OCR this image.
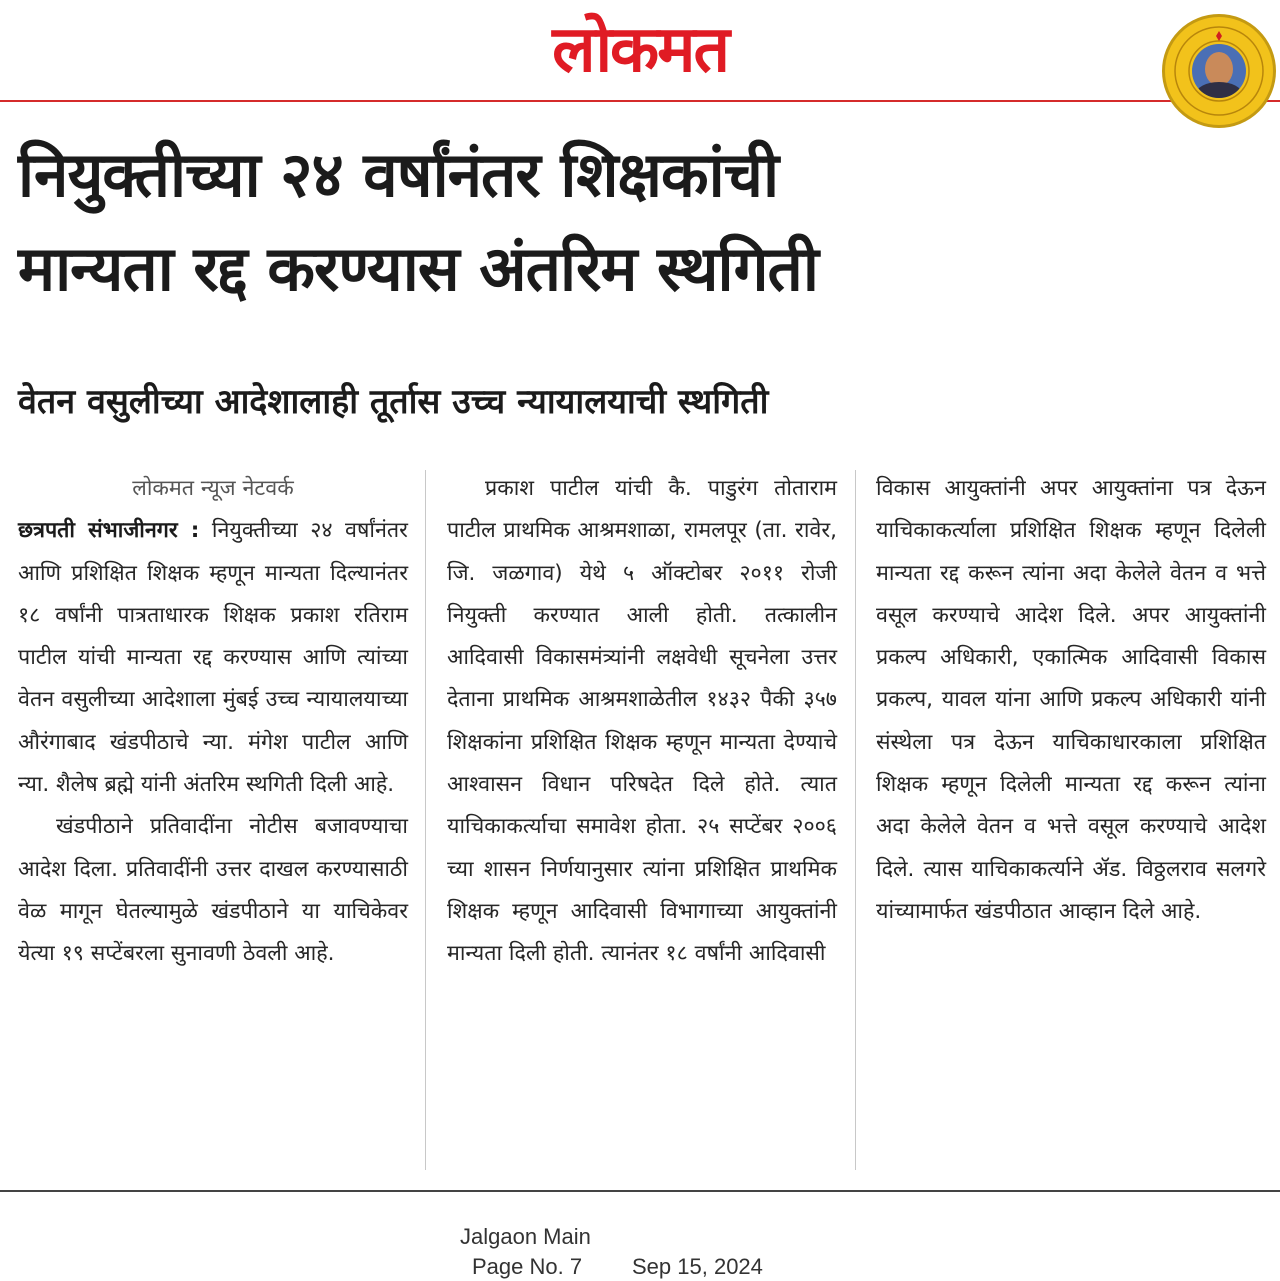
लोकमत
नियुक्तीच्या २४ वर्षांनंतर शिक्षकांची
मान्यता रद्द करण्यास अंतरिम स्थगिती
वेतन वसुलीच्या आदेशालाही तूर्तास उच्च न्यायालयाची स्थगिती
लोकमत न्यूज नेटवर्क

छत्रपती संभाजीनगर : नियुक्तीच्या २४ वर्षांनंतर आणि प्रशिक्षित शिक्षक म्हणून मान्यता दिल्यानंतर १८ वर्षांनी पात्रताधारक शिक्षक प्रकाश रतिराम पाटील यांची मान्यता रद्द करण्यास आणि त्यांच्या वेतन वसुलीच्या आदेशाला मुंबई उच्च न्यायालयाच्या औरंगाबाद खंडपीठाचे न्या. मंगेश पाटील आणि न्या. शैलेष ब्रह्मे यांनी अंतरिम स्थगिती दिली आहे.

खंडपीठाने प्रतिवादींना नोटीस बजावण्याचा आदेश दिला. प्रतिवादींनी उत्तर दाखल करण्यासाठी वेळ मागून घेतल्यामुळे खंडपीठाने या याचिकेवर येत्या १९ सप्टेंबरला सुनावणी ठेवली आहे.

प्रकाश पाटील यांची कै. पाडुरंग तोताराम पाटील प्राथमिक आश्रमशाळा, रामलपूर (ता. रावेर, जि. जळगाव) येथे ५ ऑक्टोबर २०११ रोजी नियुक्ती करण्यात आली होती. तत्कालीन आदिवासी विकासमंत्र्यांनी लक्षवेधी सूचनेला उत्तर देताना प्राथमिक आश्रमशाळेतील १४३२ पैकी ३५७ शिक्षकांना प्रशिक्षित शिक्षक म्हणून मान्यता देण्याचे आश्वासन विधान परिषदेत दिले होते. त्यात याचिकाकर्त्याचा समावेश होता. २५ सप्टेंबर २००६ च्या शासन निर्णयानुसार त्यांना प्रशिक्षित प्राथमिक शिक्षक म्हणून आदिवासी विभागाच्या आयुक्तांनी मान्यता दिली होती. त्यानंतर १८ वर्षांनी आदिवासी

विकास आयुक्तांनी अपर आयुक्तांना पत्र देऊन याचिकाकर्त्याला प्रशिक्षित शिक्षक म्हणून दिलेली मान्यता रद्द करून त्यांना अदा केलेले वेतन व भत्ते वसूल करण्याचे आदेश दिले. अपर आयुक्तांनी प्रकल्प अधिकारी, एकात्मिक आदिवासी विकास प्रकल्प, यावल यांना आणि प्रकल्प अधिकारी यांनी संस्थेला पत्र देऊन याचिकाधारकाला प्रशिक्षित शिक्षक म्हणून दिलेली मान्यता रद्द करून त्यांना अदा केलेले वेतन व भत्ते वसूल करण्याचे आदेश दिले. त्यास याचिकाकर्त्याने ॲड. विठ्ठलराव सलगरे यांच्यामार्फत खंडपीठात आव्हान दिले आहे.

Jalgaon Main
Page No. 7 Sep 15, 2024
